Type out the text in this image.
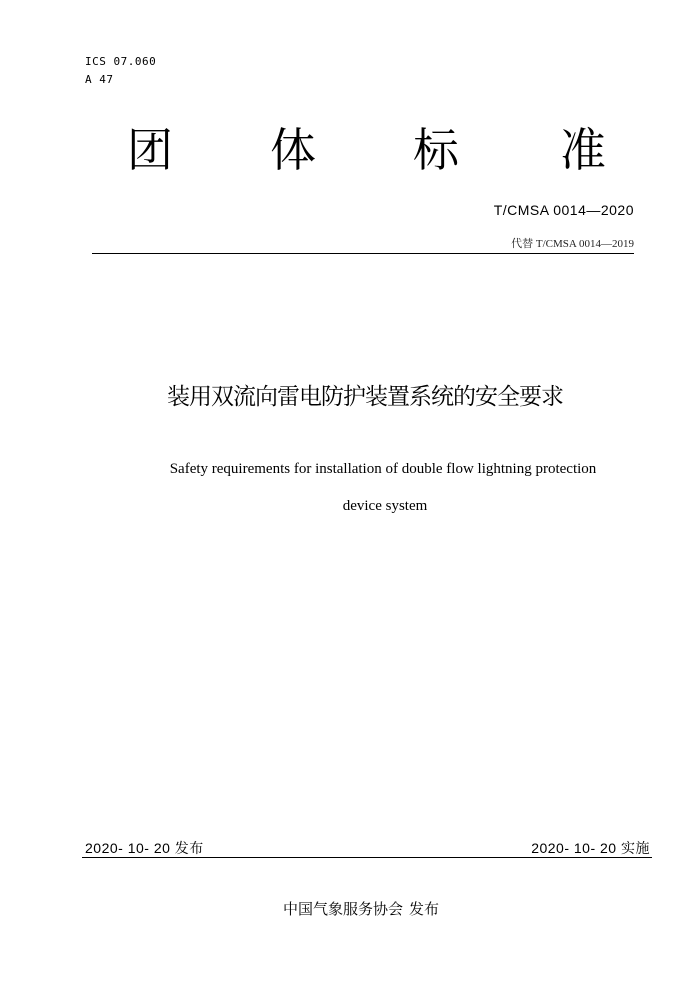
ICS 07.060
A 47
团 体 标 准
T/CMSA 0014—2020
代替 T/CMSA 0014—2019
装用双流向雷电防护装置系统的安全要求
Safety requirements for installation of double flow lightning protection
device system
2020- 10- 20 发布	2020- 10- 20 实施
中国气象服务协会 发布
